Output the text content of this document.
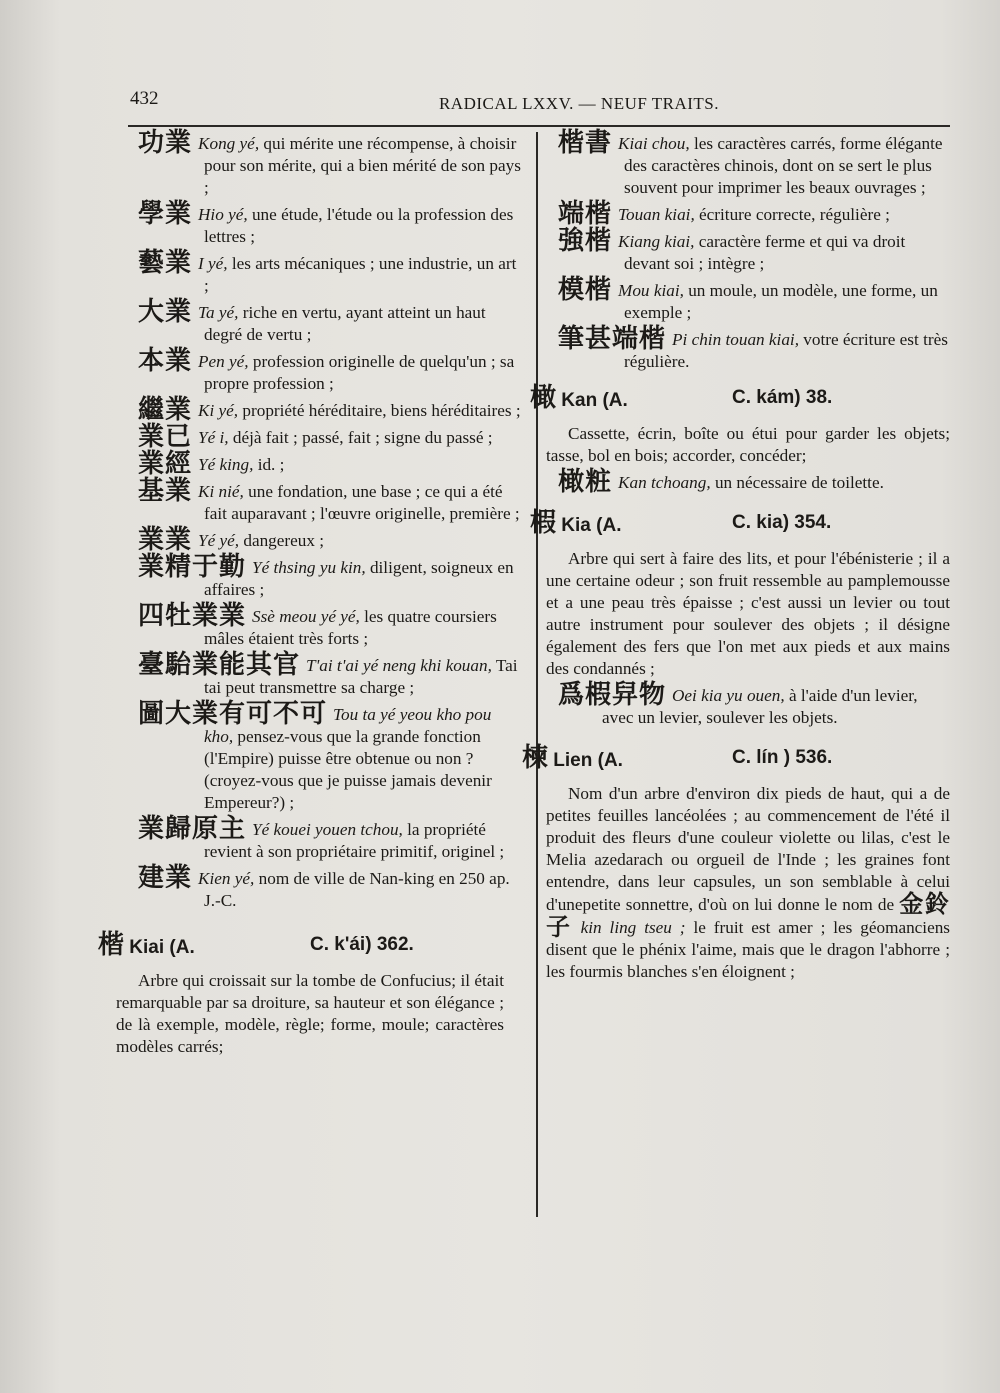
432	RADICAL LXXV. — NEUF TRAITS.
功業 Kong yé, qui mérite une récompense, à choisir pour son mérite, qui a bien mérité de son pays ;
學業 Hio yé, une étude, l'étude ou la profession des lettres ;
藝業 I yé, les arts mécaniques ; une industrie, un art ;
大業 Ta yé, riche en vertu, ayant atteint un haut degré de vertu ;
本業 Pen yé, profession originelle de quelqu'un ; sa propre profession ;
繼業 Ki yé, propriété héréditaire, biens héréditaires ;
業已 Yé i, déjà fait ; passé, fait ; signe du passé ;
業經 Yé king, id. ;
基業 Ki nié, une fondation, une base ; ce qui a été fait auparavant ; l'œuvre originelle, première ;
業業 Yé yé, dangereux ;
業精于勤 Yé thsing yu kin, diligent, soigneux en affaires ;
四牡業業 Ssè meou yé yé, les quatre coursiers mâles étaient très forts ;
臺駘業能其官 T'ai t'ai yé neng khi kouan, Tai tai peut transmettre sa charge ;
圖大業有可不可 Tou ta yé yeou kho pou kho, pensez-vous que la grande fonction (l'Empire) puisse être obtenue ou non ? (croyez-vous que je puisse jamais devenir Empereur?) ;
業歸原主 Yé kouei youen tchou, la propriété revient à son propriétaire primitif, originel ;
建業 Kien yé, nom de ville de Nan-king en 250 ap. J.-C.
楷 Kiai (A.	C. k'ái) 362.

Arbre qui croissait sur la tombe de Confucius; il était remarquable par sa droiture, sa hauteur et son élégance ; de là exemple, modèle, règle; forme, moule; caractères modèles carrés;

楷書 Kiai chou, les caractères carrés, forme élégante des caractères chinois, dont on se sert le plus souvent pour imprimer les beaux ouvrages ;
端楷 Touan kiai, écriture correcte, régulière ;
強楷 Kiang kiai, caractère ferme et qui va droit devant soi ; intègre ;
模楷 Mou kiai, un moule, un modèle, une forme, un exemple ;
筆甚端楷 Pi chin touan kiai, votre écriture est très régulière.
橄 Kan (A.	C. kám) 38.

Cassette, écrin, boîte ou étui pour garder les objets; tasse, bol en bois; accorder, concéder;

橄粧 Kan tchoang, un nécessaire de toilette.
椵 Kia (A.	C. kia) 354.

Arbre qui sert à faire des lits, et pour l'ébénisterie ; il a une certaine odeur ; son fruit ressemble au pamplemousse et a une peau très épaisse ; c'est aussi un levier ou tout autre instrument pour soulever des objets ; il désigne également des fers que l'on met aux pieds et aux mains des condannés ;

爲椵舁物 Oei kia yu ouen, à l'aide d'un levier, avec un levier, soulever les objets.
楝 Lien (A.	C. lín ) 536.

Nom d'un arbre d'environ dix pieds de haut, qui a de petites feuilles lancéolées ; au commencement de l'été il produit des fleurs d'une couleur violette ou lilas, c'est le Melia azedarach ou orgueil de l'Inde ; les graines font entendre, dans leur capsules, un son semblable à celui d'unepetite sonnettre, d'où on lui donne le nom de 金鈴子 kin ling tseu ; le fruit est amer ; les géomanciens disent que le phénix l'aime, mais que le dragon l'abhorre ; les fourmis blanches s'en éloignent ;
